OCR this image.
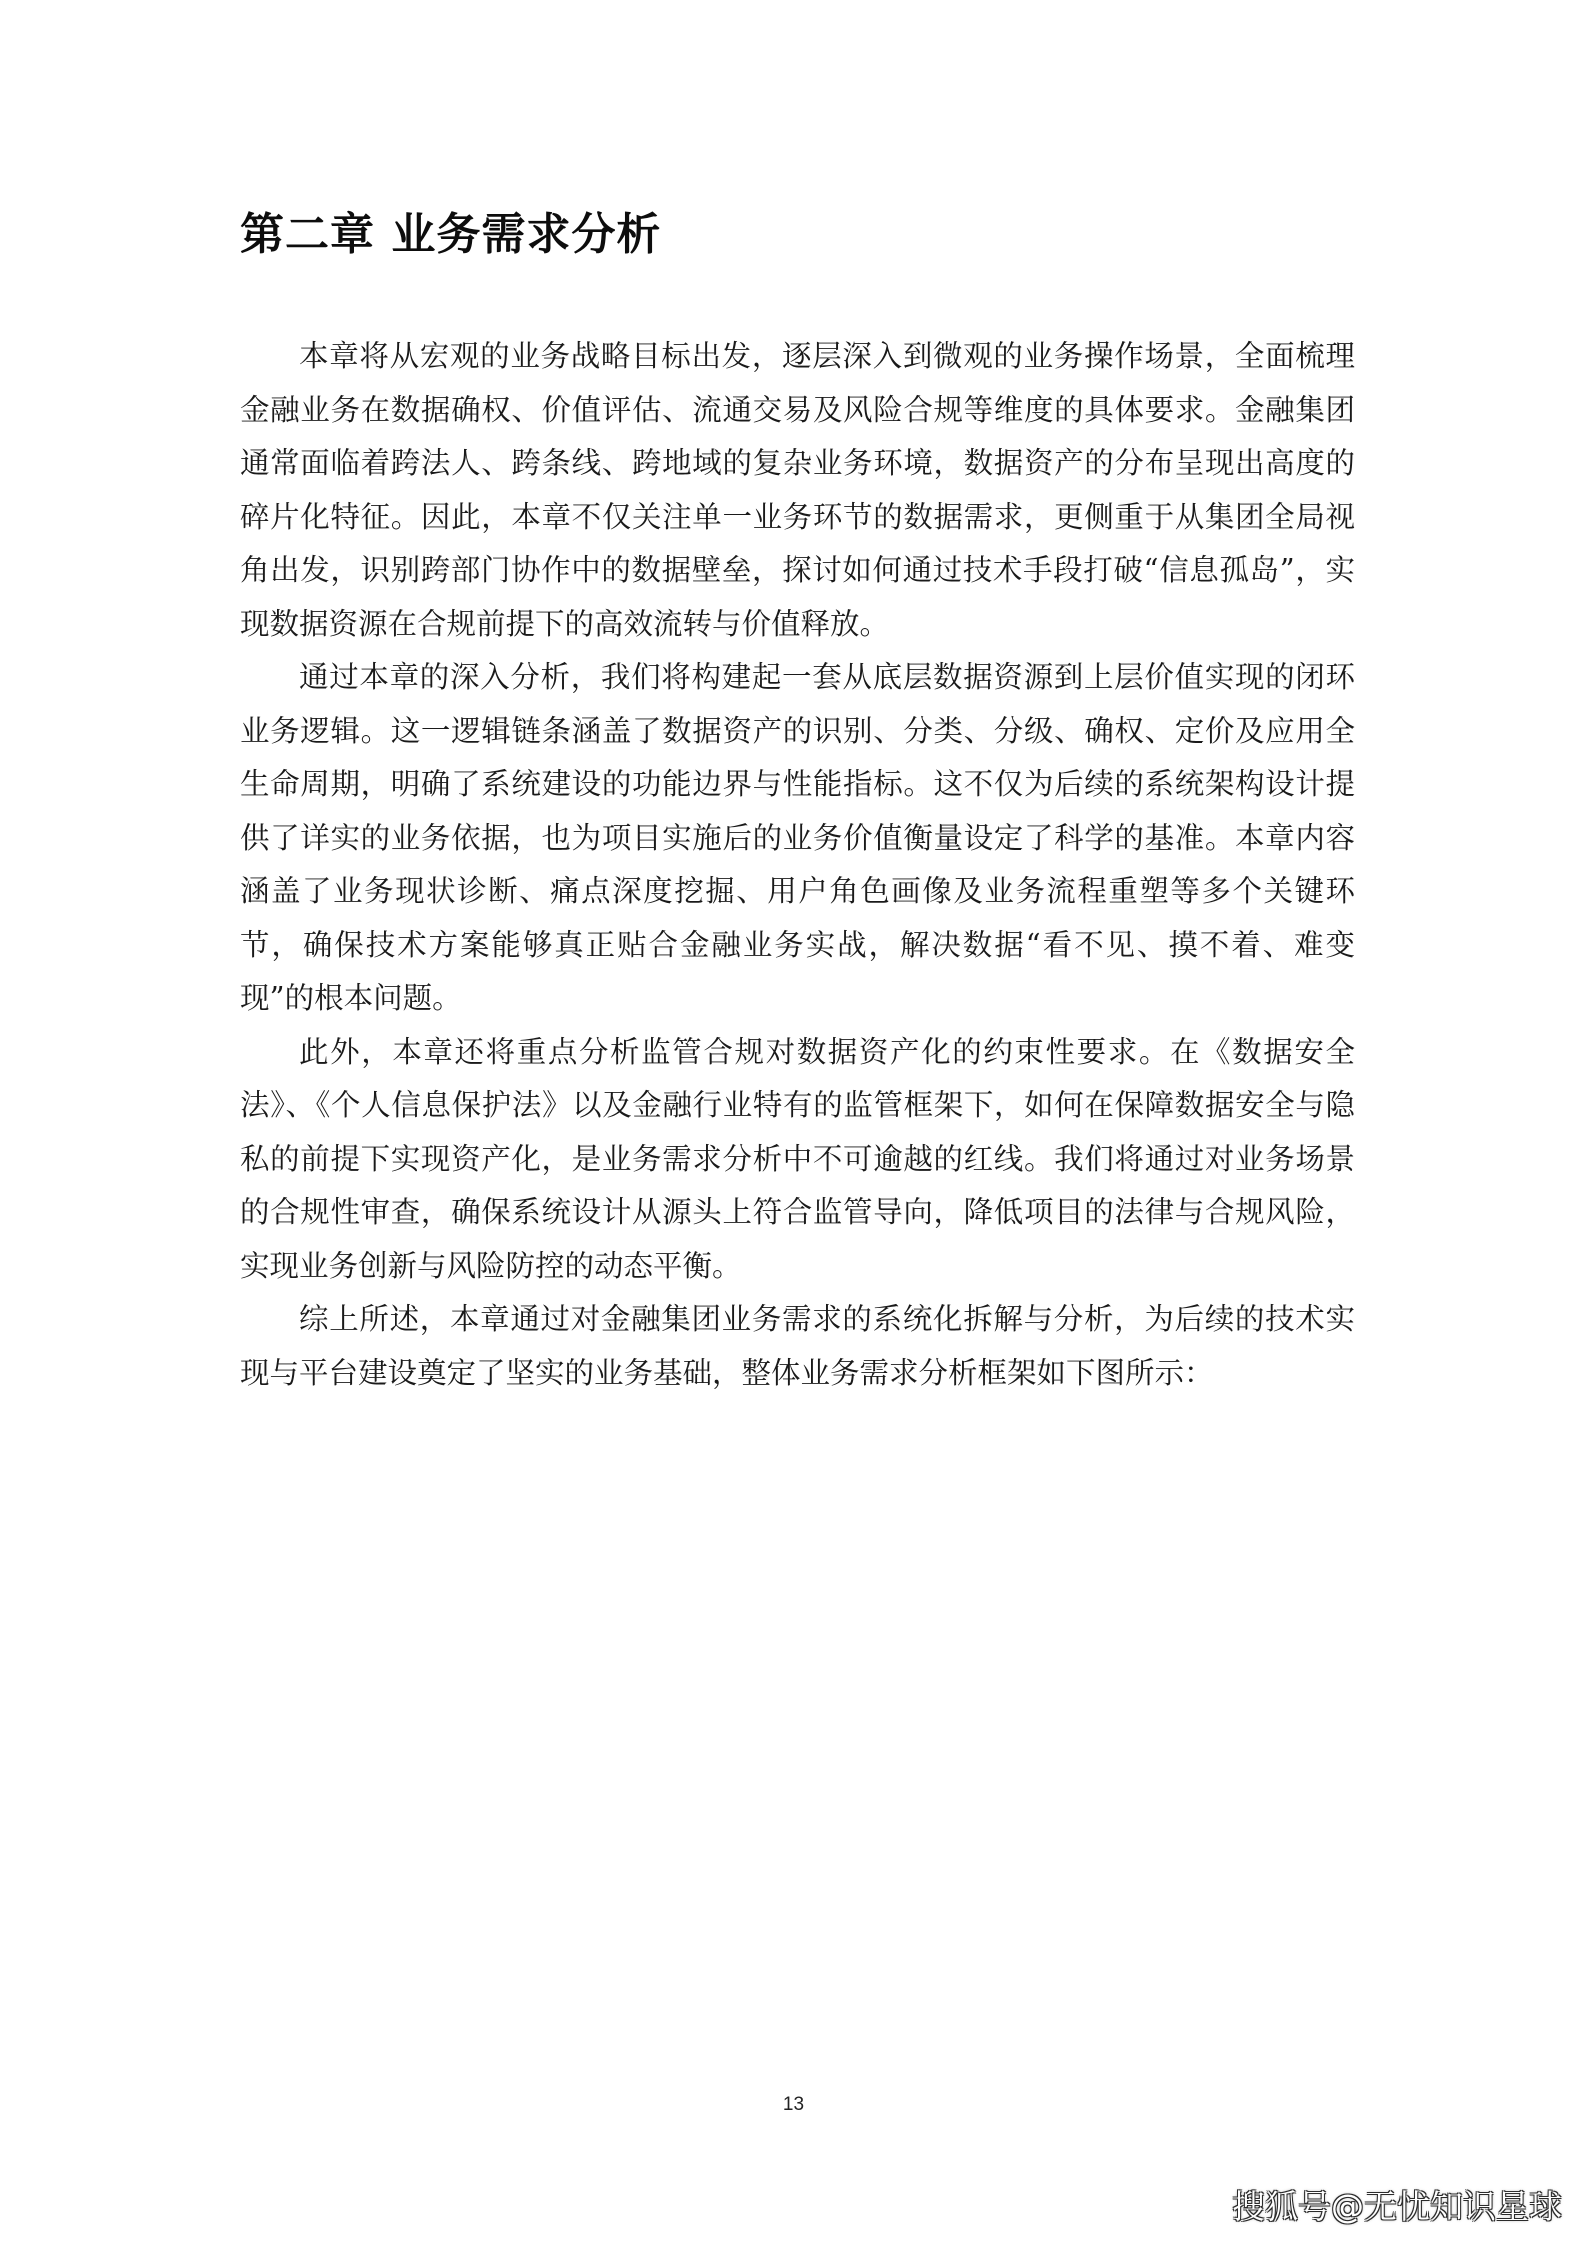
第二章 业务需求分析

本章将从宏观的业务战略目标出发，逐层深入到微观的业务操作场景，全面梳理金融业务在数据确权、价值评估、流通交易及风险合规等维度的具体要求。金融集团通常面临着跨法人、跨条线、跨地域的复杂业务环境，数据资产的分布呈现出高度的碎片化特征。因此，本章不仅关注单一业务环节的数据需求，更侧重于从集团全局视角出发，识别跨部门协作中的数据壁垒，探讨如何通过技术手段打破“信息孤岛”，实现数据资源在合规前提下的高效流转与价值释放。

通过本章的深入分析，我们将构建起一套从底层数据资源到上层价值实现的闭环业务逻辑。这一逻辑链条涵盖了数据资产的识别、分类、分级、确权、定价及应用全生命周期，明确了系统建设的功能边界与性能指标。这不仅为后续的系统架构设计提供了详实的业务依据，也为项目实施后的业务价值衡量设定了科学的基准。本章内容涵盖了业务现状诊断、痛点深度挖掘、用户角色画像及业务流程重塑等多个关键环节，确保技术方案能够真正贴合金融业务实战，解决数据“看不见、摸不着、难变现”的根本问题。

此外，本章还将重点分析监管合规对数据资产化的约束性要求。在《数据安全法》、《个人信息保护法》以及金融行业特有的监管框架下，如何在保障数据安全与隐私的前提下实现资产化，是业务需求分析中不可逾越的红线。我们将通过对业务场景的合规性审查，确保系统设计从源头上符合监管导向，降低项目的法律与合规风险，实现业务创新与风险防控的动态平衡。

综上所述，本章通过对金融集团业务需求的系统化拆解与分析，为后续的技术实现与平台建设奠定了坚实的业务基础，整体业务需求分析框架如下图所示：

13
搜狐号@无忧知识星球
